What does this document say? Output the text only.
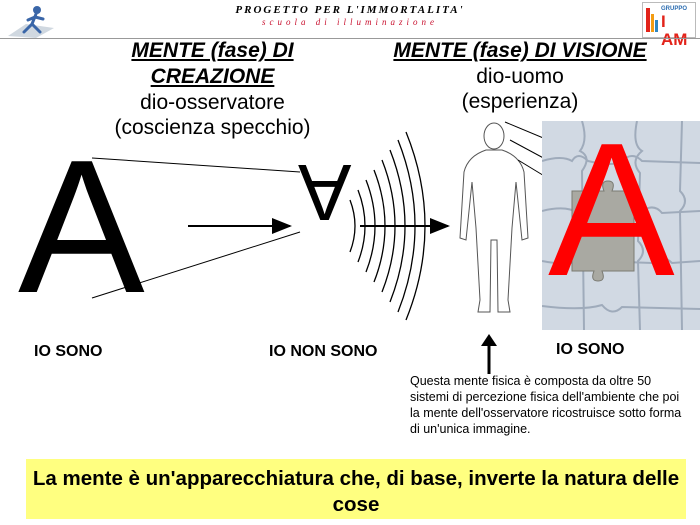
PROGETTO PER L'IMMORTALITA'
scuola di illuminazione
GRUPPO
I AM
MENTE (fase) DI
CREAZIONE
dio-osservatore
(coscienza specchio)
MENTE (fase) DI VISIONE
dio-uomo
(esperienza)
A A A
IO SONO	IO NON SONO	IO SONO
Questa mente fisica è composta da oltre 50 sistemi di percezione fisica dell'ambiente che poi la mente dell'osservatore ricostruisce sotto forma di un'unica immagine.
La mente è un'apparecchiatura che, di base, inverte la natura delle cose
